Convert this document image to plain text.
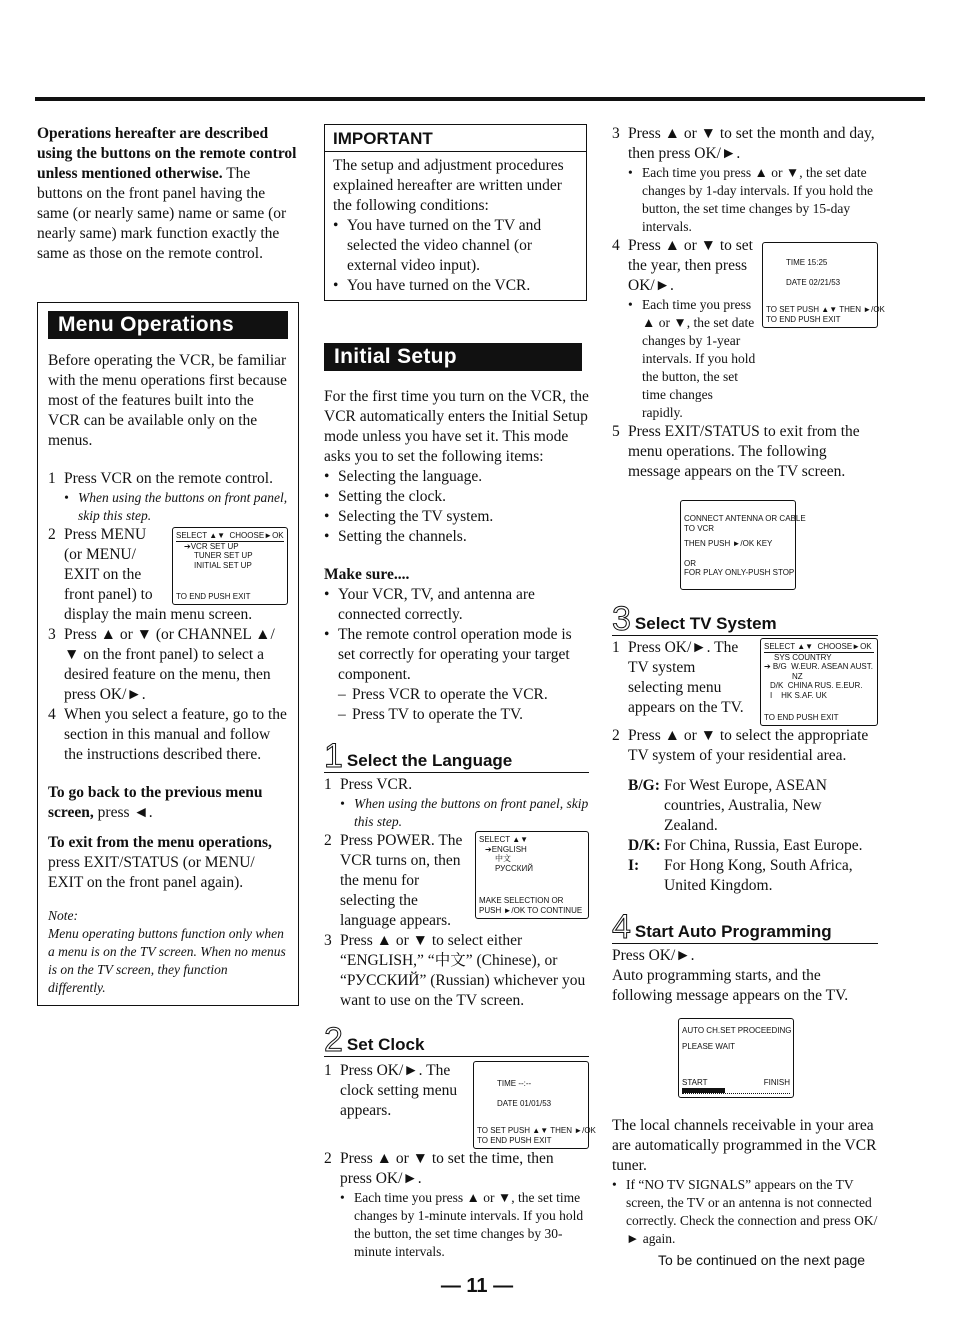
Operations hereafter are described using the buttons on the remote control unless mentioned otherwise. The buttons on the front panel having the same (or nearly same) name or same (or nearly same) mark function exactly the same as those on the remote control.

Menu Operations

Before operating the VCR, be familiar with the menu operations first because most of the features built into the VCR can be available only on the menus.

1 Press VCR on the remote control.
• When using the buttons on front panel, skip this step.
2	SELECT ▲▼  CHOOSE►OK
➔VCR SET UP
TUNER SET UP
INITIAL SET UP
TO END PUSH EXIT
Press MENU (or MENU/ EXIT on the front panel) to display the main menu screen.
3 Press ▲ or ▼ (or CHANNEL ▲/ ▼ on the front panel) to select a desired feature on the menu, then press OK/►.
4 When you select a feature, go to the section in this manual and follow the instructions described there.

To go back to the previous menu screen, press ◄.

To exit from the menu operations, press EXIT/STATUS (or MENU/ EXIT on the front panel again).

Note:

Menu operating buttons function only when a menu is on the TV screen. When no menus is on the TV screen, they function differently.

IMPORTANT

The setup and adjustment procedures explained hereafter are written under the following conditions:

• You have turned on the TV and selected the video channel (or external video input).
• You have turned on the VCR.
Initial Setup

For the first time you turn on the VCR, the VCR automatically enters the Initial Setup mode unless you have set it. This mode asks you to set the following items:

• Selecting the language.
• Setting the clock.
• Selecting the TV system.
• Setting the channels.

Make sure....

• Your VCR, TV, and antenna are connected correctly.
• The remote control operation mode is set correctly for operating your target component.
– Press VCR to operate the VCR.
– Press TV to operate the TV.
1 Select the Language
1 Press VCR.
• When using the buttons on front panel, skip this step.
2	SELECT ▲▼
➔ENGLISH
中文
РУССКИЙ
MAKE SELECTION OR
PUSH ►/OK TO CONTINUE
Press POWER. The VCR turns on, then the menu for selecting the language appears.
3 Press ▲ or ▼ to select either “ENGLISH,” “中文” (Chinese), or “РУССКИЙ” (Russian) whichever you want to use on the TV screen.
2 Set Clock
1
TIME --:--
DATE 01/01/53
TO SET PUSH ▲▼ THEN ►/OK
TO END PUSH EXIT
Press OK/►. The clock setting menu appears.
2 Press ▲ or ▼ to set the time, then press OK/►.
• Each time you press ▲ or ▼, the set time changes by 1-minute intervals. If you hold the button, the set time changes by 30-minute intervals.
3 Press ▲ or ▼ to set the month and day, then press OK/►.
• Each time you press ▲ or ▼, the set date changes by 1-day intervals. If you hold the button, the set time changes by 15-day intervals.
4
TIME 15:25
DATE 02/21/53
TO SET PUSH ▲▼ THEN ►/OK
TO END PUSH EXIT
Press ▲ or ▼ to set the year, then press OK/►.
• Each time you press ▲ or ▼, the set date changes by 1-year intervals. If you hold the button, the set time changes rapidly.
5 Press EXIT/STATUS to exit from the menu operations. The following message appears on the TV screen.
CONNECT ANTENNA OR CABLE
TO VCR
THEN PUSH ►/OK KEY
OR
FOR PLAY ONLY-PUSH STOP
3 Select TV System
1	SELECT ▲▼  CHOOSE►OK
SYS COUNTRY
➔ B/G  W.EUR. ASEAN AUST.
NZ
D/K  CHINA RUS. E.EUR.
I    HK S.AF. UK
TO END PUSH EXIT
Press OK/►. The TV system selecting menu appears on the TV.
2 Press ▲ or ▼ to select the appropriate TV system of your residential area.
B/G: For West Europe, ASEAN countries, Australia, New Zealand.
D/K: For China, Russia, East Europe.
I:	For Hong Kong, South Africa, United Kingdom.
4 Start Auto Programming

Press OK/►.

Auto programming starts, and the following message appears on the TV.

AUTO CH.SET PROCEEDING
PLEASE WAIT
START	FINISH

The local channels receivable in your area are automatically programmed in the VCR tuner.

• If “NO TV SIGNALS” appears on the TV screen, the TV or an antenna is not connected correctly. Check the connection and press OK/► again.
To be continued on the next page
— 11 —
